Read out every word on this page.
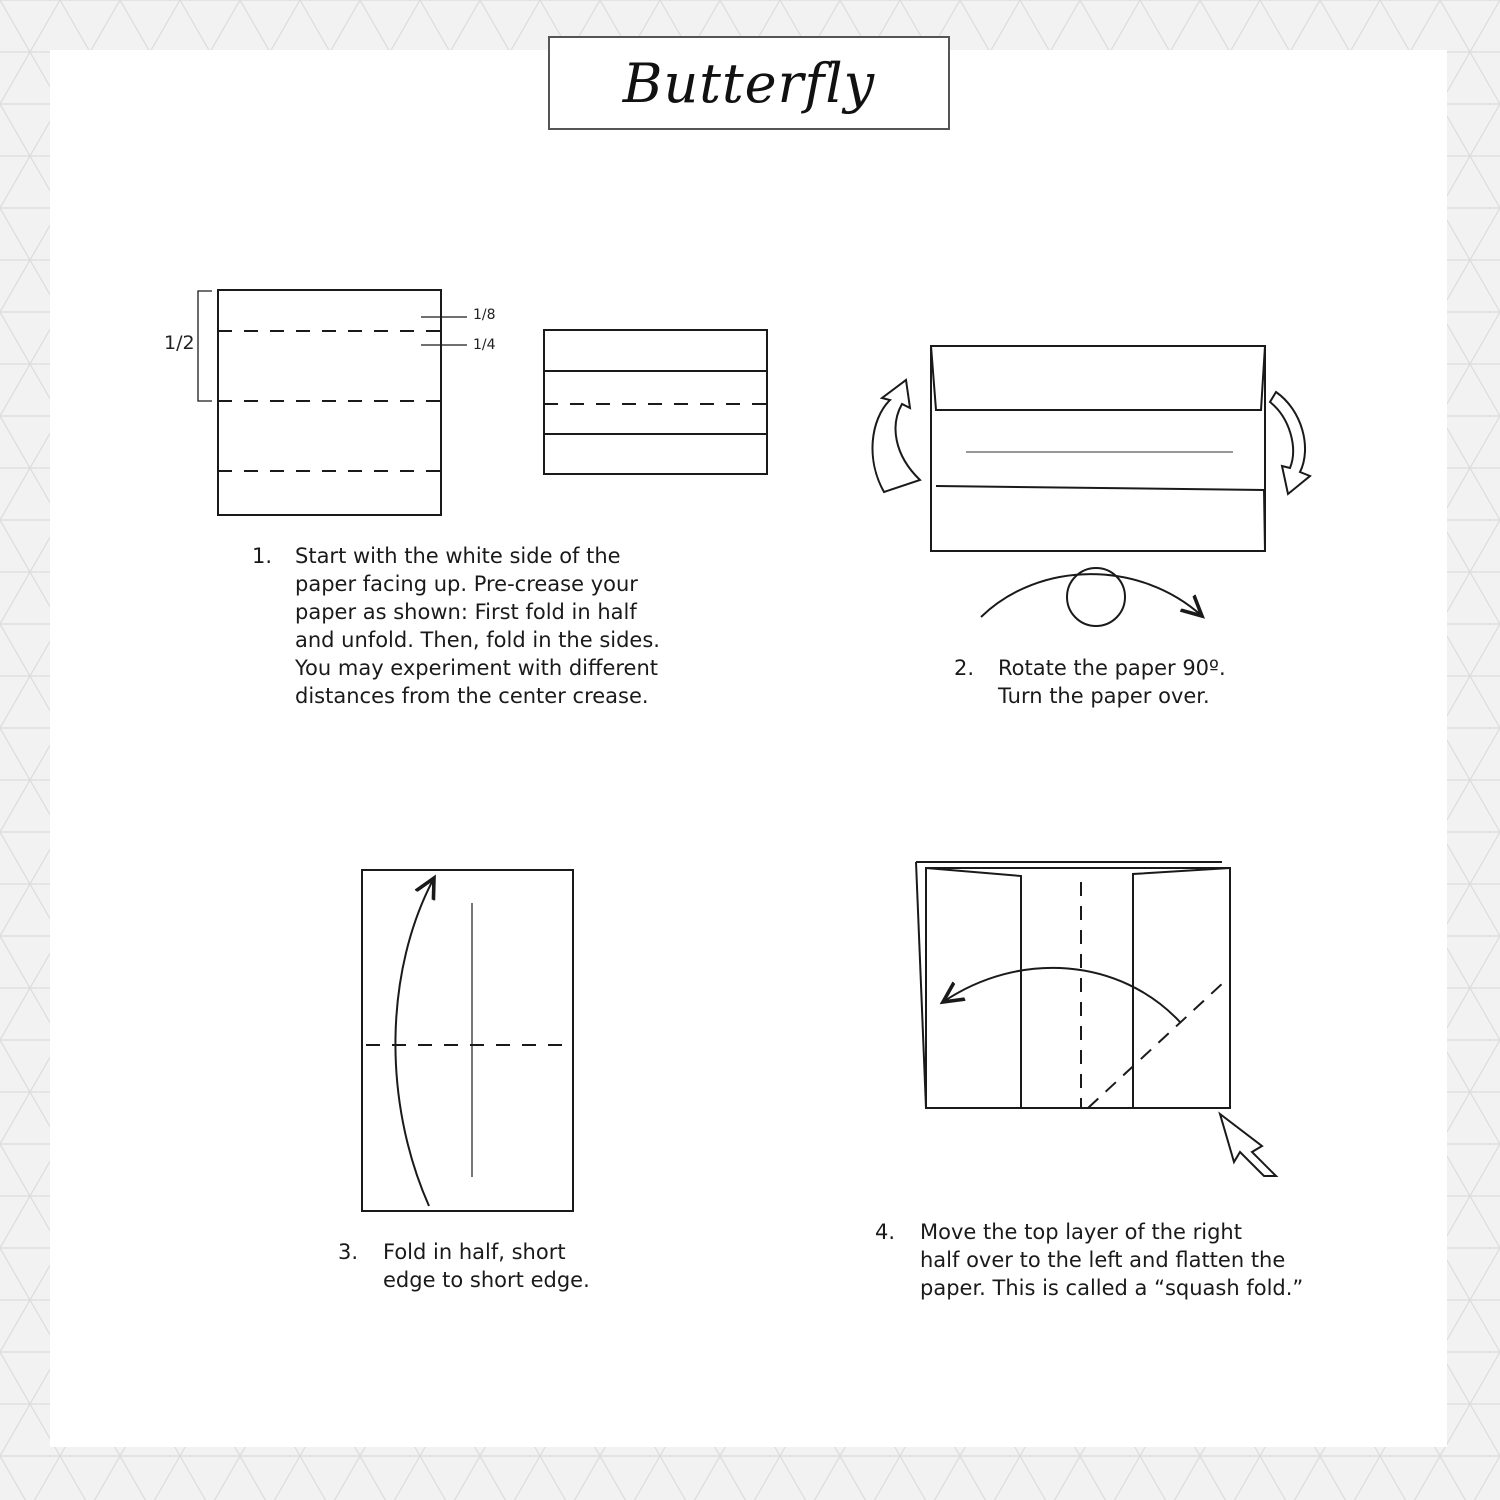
Butterfly
1/2
1/8
1/4
1. Start with the white side of the
paper facing up. Pre-crease your
paper as shown: First fold in half
and unfold. Then, fold in the sides.
You may experiment with different
distances from the center crease.
2. Rotate the paper 90º.
Turn the paper over.
3. Fold in half, short
edge to short edge.
4. Move the top layer of the right
half over to the left and flatten the
paper. This is called a “squash fold.”
